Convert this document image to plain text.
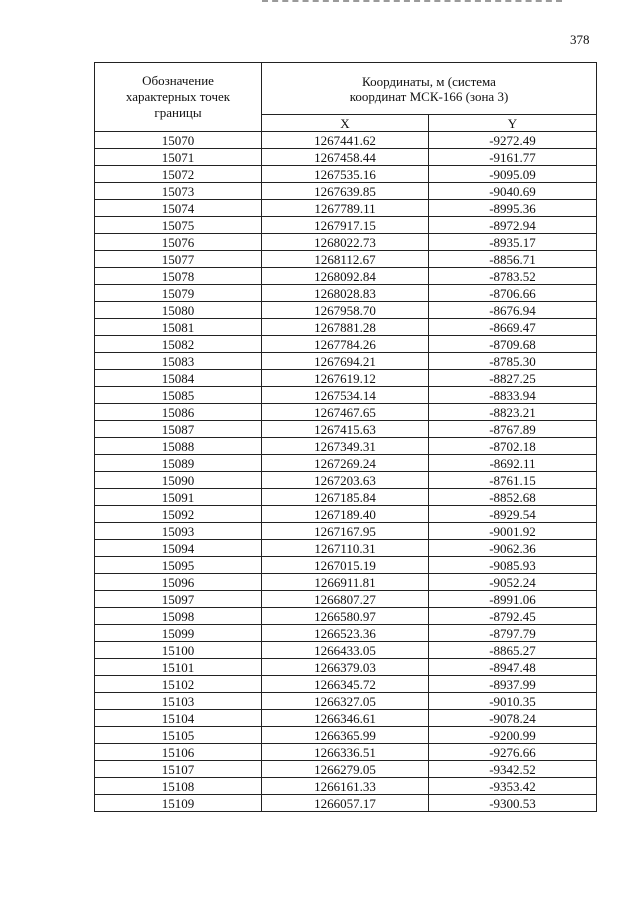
378
Обозначение характерных точек границы	Координаты, м (система координат МСК-166 (зона 3)	

	X	Y
15070	1267441.62	-9272.49
15071	1267458.44	-9161.77
15072	1267535.16	-9095.09
15073	1267639.85	-9040.69
15074	1267789.11	-8995.36
15075	1267917.15	-8972.94
15076	1268022.73	-8935.17
15077	1268112.67	-8856.71
15078	1268092.84	-8783.52
15079	1268028.83	-8706.66
15080	1267958.70	-8676.94
15081	1267881.28	-8669.47
15082	1267784.26	-8709.68
15083	1267694.21	-8785.30
15084	1267619.12	-8827.25
15085	1267534.14	-8833.94
15086	1267467.65	-8823.21
15087	1267415.63	-8767.89
15088	1267349.31	-8702.18
15089	1267269.24	-8692.11
15090	1267203.63	-8761.15
15091	1267185.84	-8852.68
15092	1267189.40	-8929.54
15093	1267167.95	-9001.92
15094	1267110.31	-9062.36
15095	1267015.19	-9085.93
15096	1266911.81	-9052.24
15097	1266807.27	-8991.06
15098	1266580.97	-8792.45
15099	1266523.36	-8797.79
15100	1266433.05	-8865.27
15101	1266379.03	-8947.48
15102	1266345.72	-8937.99
15103	1266327.05	-9010.35
15104	1266346.61	-9078.24
15105	1266365.99	-9200.99
15106	1266336.51	-9276.66
15107	1266279.05	-9342.52
15108	1266161.33	-9353.42
15109	1266057.17	-9300.53
